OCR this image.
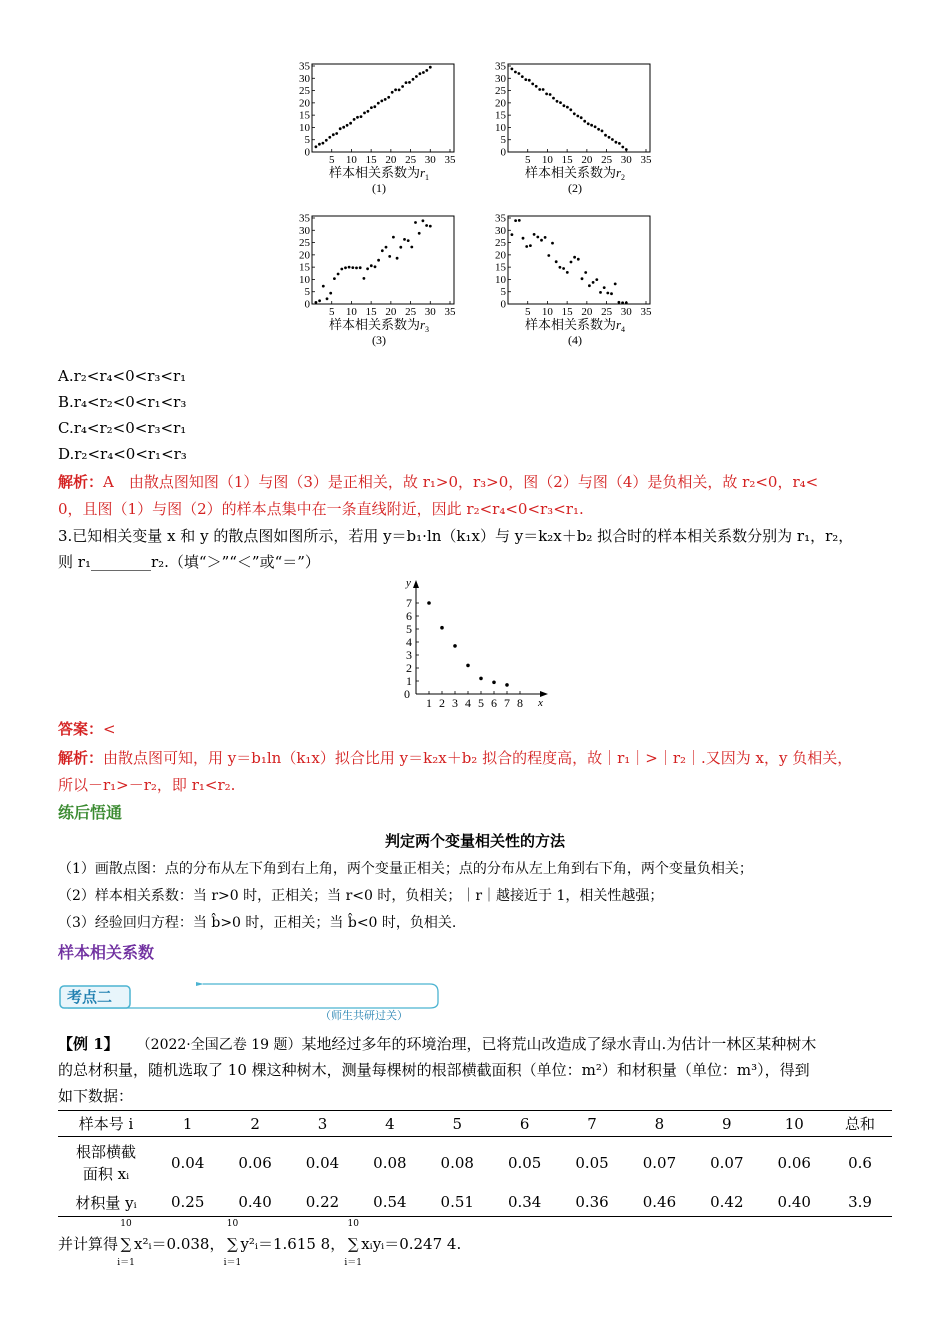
35
30
25
20
15
10
5
0
5 10 15 20 25 30 35
样本相关系数为$r_1$
(1)
35
30
25
20
15
10
5
0
5 10 15 20 25 30 35
样本相关系数为$r_2$
(2)
35
30
25
20
15
10
5
0
5 10 15 20 25 30 35
样本相关系数为$r_3$
(3)
35
30
25
20
15
10
5
0
5 10 15 20 25 30 35
样本相关系数为$r_4$
(4)
A.r₂<r₄<0<r₃<r₁
B.r₄<r₂<0<r₁<r₃
C.r₄<r₂<0<r₃<r₁
D.r₂<r₄<0<r₁<r₃
解析：A　由散点图知图（1）与图（3）是正相关，故 r₁>0，r₃>0，图（2）与图（4）是负相关，故 r₂<0，r₄<
0，且图（1）与图（2）的样本点集中在一条直线附近，因此 r₂<r₄<0<r₃<r₁.
3.已知相关变量 x 和 y 的散点图如图所示，若用 y＝b₁·ln（k₁x）与 y＝k₂x＋b₂ 拟合时的样本相关系数分别为 r₁，r₂，
则 r₁________r₂.（填“＞”“＜”或“＝”）
y
x
0
7
6
5
4
3
2
1
1 2 3 4 5 6 7 8
答案：<
解析：由散点图可知，用 y＝b₁ln（k₁x）拟合比用 y＝k₂x＋b₂ 拟合的程度高，故｜r₁｜>｜r₂｜.又因为 x，y 负相关，
所以－r₁>－r₂，即 r₁<r₂.
练后悟通
判定两个变量相关性的方法
（1）画散点图：点的分布从左下角到右上角，两个变量正相关；点的分布从左上角到右下角，两个变量负相关；
（2）样本相关系数：当 r>0 时，正相关；当 r<0 时，负相关；｜r｜越接近于 1，相关性越强；
（3）经验回归方程：当 b̂>0 时，正相关；当 b̂<0 时，负相关.
样本相关系数
考点二
（师生共研过关）
【例 1】 （2022·全国乙卷 19 题）某地经过多年的环境治理，已将荒山改造成了绿水青山.为估计一林区某种树木
的总材积量，随机选取了 10 棵这种树木，测量每棵树的根部横截面积（单位：m²）和材积量（单位：m³），得到
如下数据：
样本号 i	1	2	3	4	5	6	7	8	9	10	总和
根部横截
面积 xᵢ	0.04	0.06	0.04	0.08	0.08	0.05	0.05	0.07	0.07	0.06	0.6
材积量 yᵢ	0.25	0.40	0.22	0.54	0.51	0.34	0.36	0.46	0.42	0.40	3.9
并计算得
10
∑
i＝1
x²ᵢ＝0.038，
10
∑
i＝1
y²ᵢ＝1.615 8，
10
∑
i＝1
xᵢyᵢ＝0.247 4.
